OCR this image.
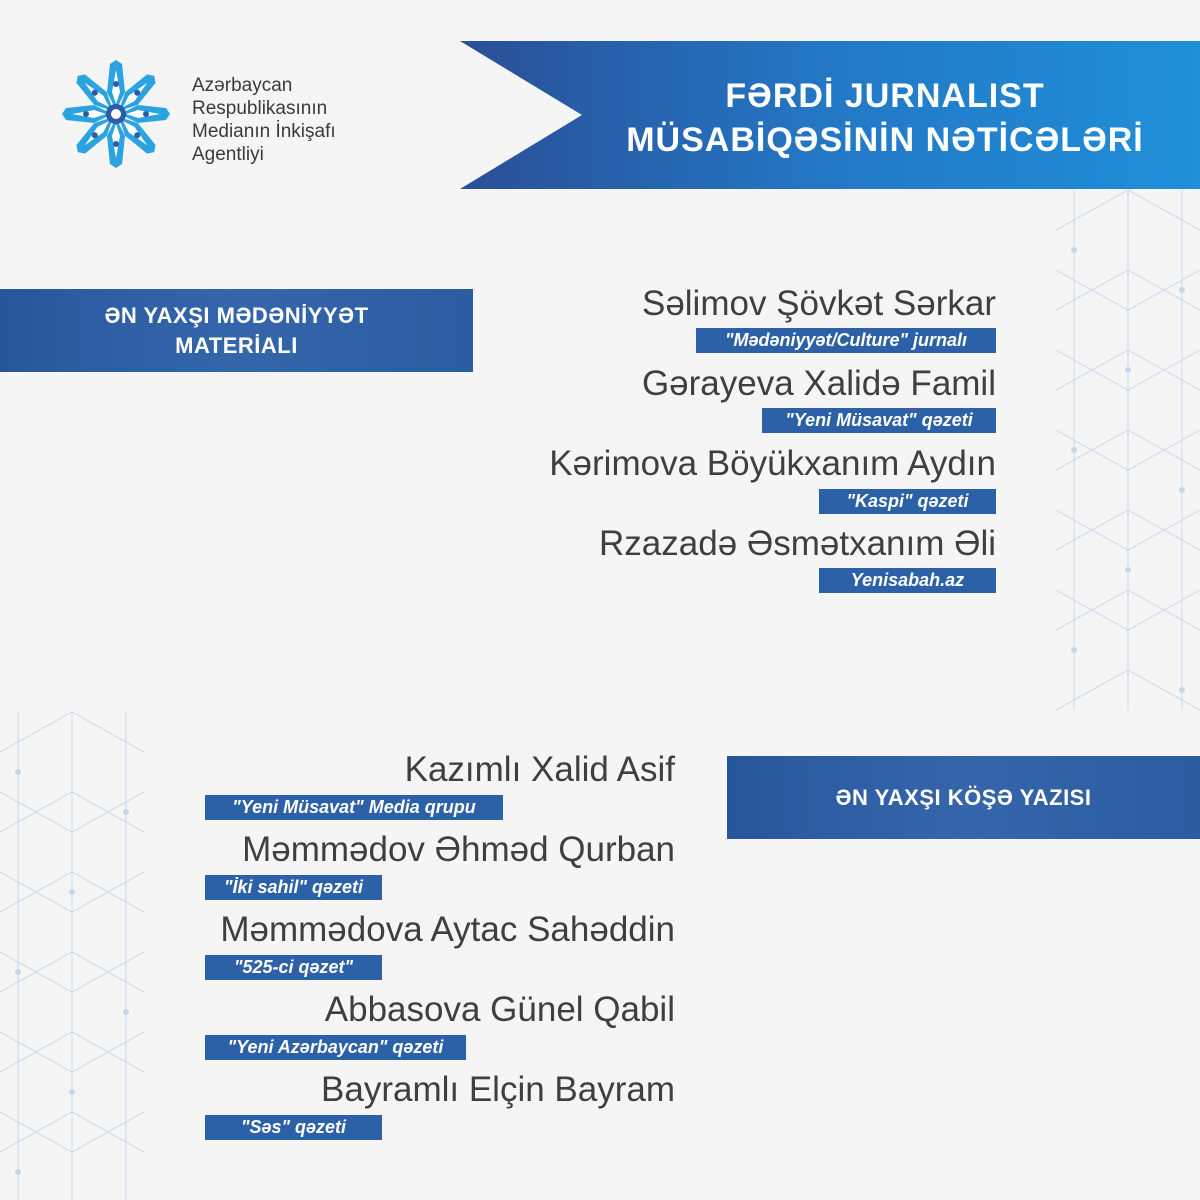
Azərbaycan
Respublikasının
Medianın İnkişafı
Agentliyi
FƏRDİ JURNALIST
MÜSABİQƏSİNİN NƏTİCƏLƏRİ
ƏN YAXŞI MƏDƏNİYYƏT
MATERİALI
Səlimov Şövkət Sərkar
"Mədəniyyət/Culture" jurnalı
Gərayeva Xalidə Famil
"Yeni Müsavat" qəzeti
Kərimova Böyükxanım Aydın
"Kaspi" qəzeti
Rzazadə Əsmətxanım Əli
Yenisabah.az
ƏN YAXŞI KÖŞƏ YAZISI
Kazımlı Xalid Asif
"Yeni Müsavat" Media qrupu
Məmmədov Əhməd Qurban
"İki sahil" qəzeti
Məmmədova Aytac Sahəddin
"525-ci qəzet"
Abbasova Günel Qabil
"Yeni Azərbaycan" qəzeti
Bayramlı Elçin Bayram
"Səs" qəzeti
